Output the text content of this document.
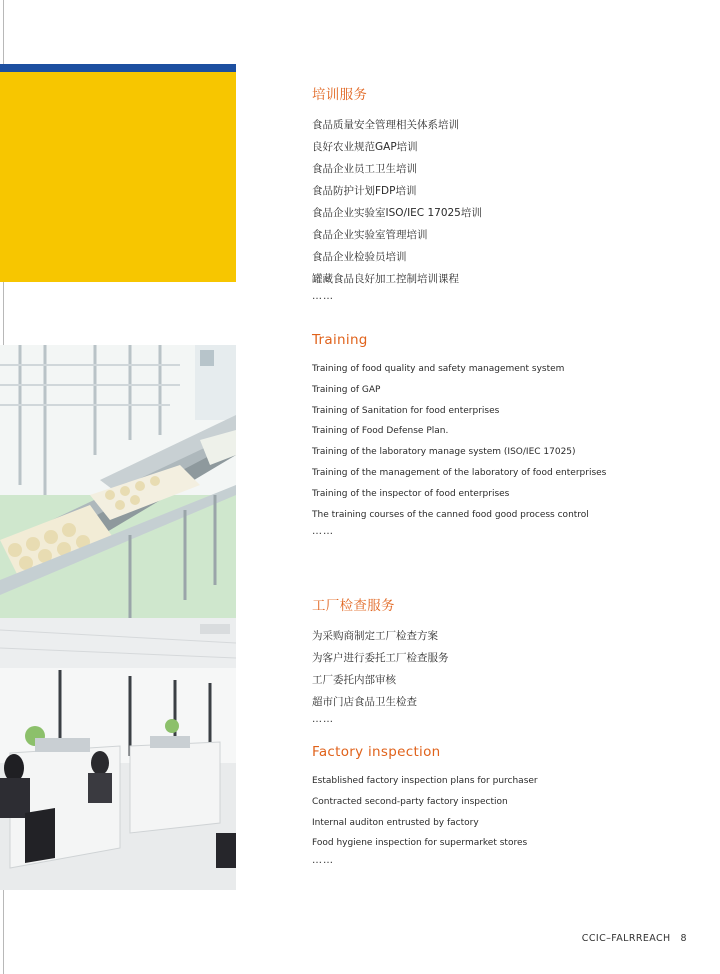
培训服务
食品质量安全管理相关体系培训
良好农业规范GAP培训
食品企业员工卫生培训
食品防护计划FDP培训
食品企业实验室ISO/IEC 17025培训
食品企业实验室管理培训
食品企业检验员培训
罐藏食品良好加工控制培训课程
……
Training
Training of food quality and safety management system
Training of GAP
Training of Sanitation for food enterprises
Training of Food Defense Plan.
Training of the laboratory manage system (ISO/IEC 17025)
Training of the management of the laboratory of food enterprises
Training of the inspector of food enterprises
The training courses of the canned food good process control
……
工厂检查服务
为采购商制定工厂检查方案
为客户进行委托工厂检查服务
工厂委托内部审核
超市门店食品卫生检查
……
Factory inspection
Established factory inspection plans for purchaser
Contracted second-party factory inspection
Internal auditon entrusted by factory
Food hygiene inspection for supermarket stores
……
CCIC–FALRREACH 8
